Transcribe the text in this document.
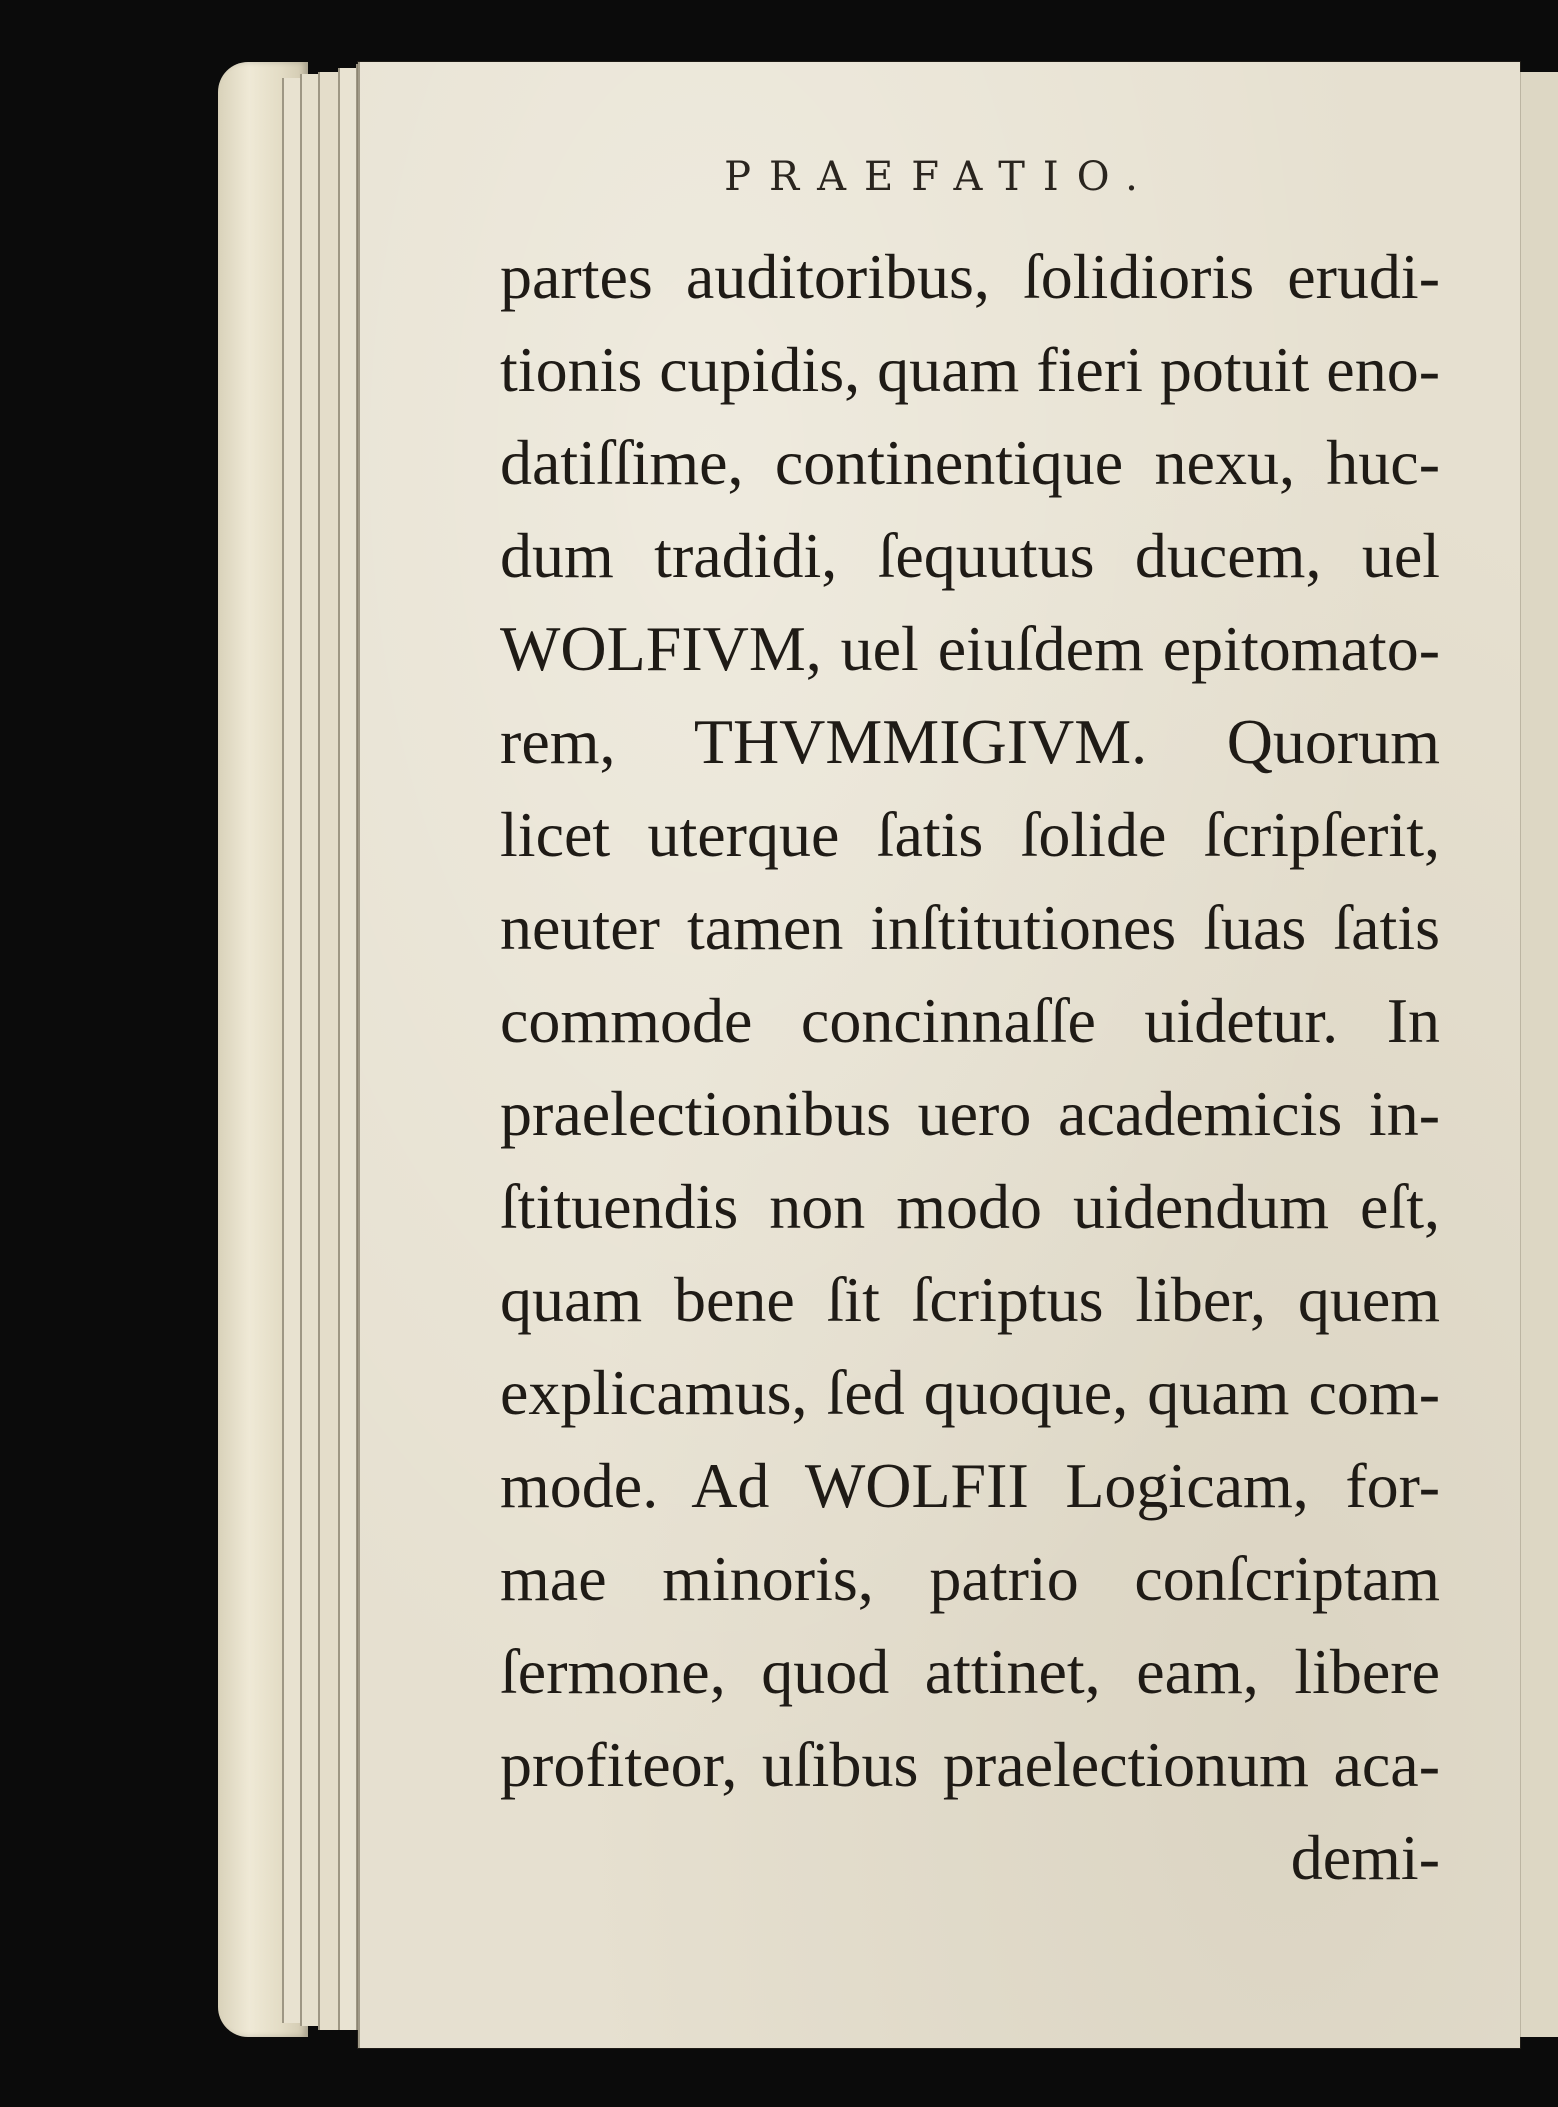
PRAEFATIO.
partes auditoribus, ſolidioris erudi-
tionis cupidis, quam fieri potuit eno-
datiſſime, continentique nexu, huc-
dum tradidi, ſequutus ducem, uel
WOLFIVM, uel eiuſdem epitomato-
rem, THVMMIGIVM. Quorum
licet uterque ſatis ſolide ſcripſerit,
neuter tamen inſtitutiones ſuas ſatis
commode concinnaſſe uidetur. In
praelectionibus uero academicis in-
ſtituendis non modo uidendum eſt,
quam bene ſit ſcriptus liber, quem
explicamus, ſed quoque, quam com-
mode. Ad WOLFII Logicam, for-
mae minoris, patrio conſcriptam
ſermone, quod attinet, eam, libere
profiteor, uſibus praelectionum aca-
demi-
